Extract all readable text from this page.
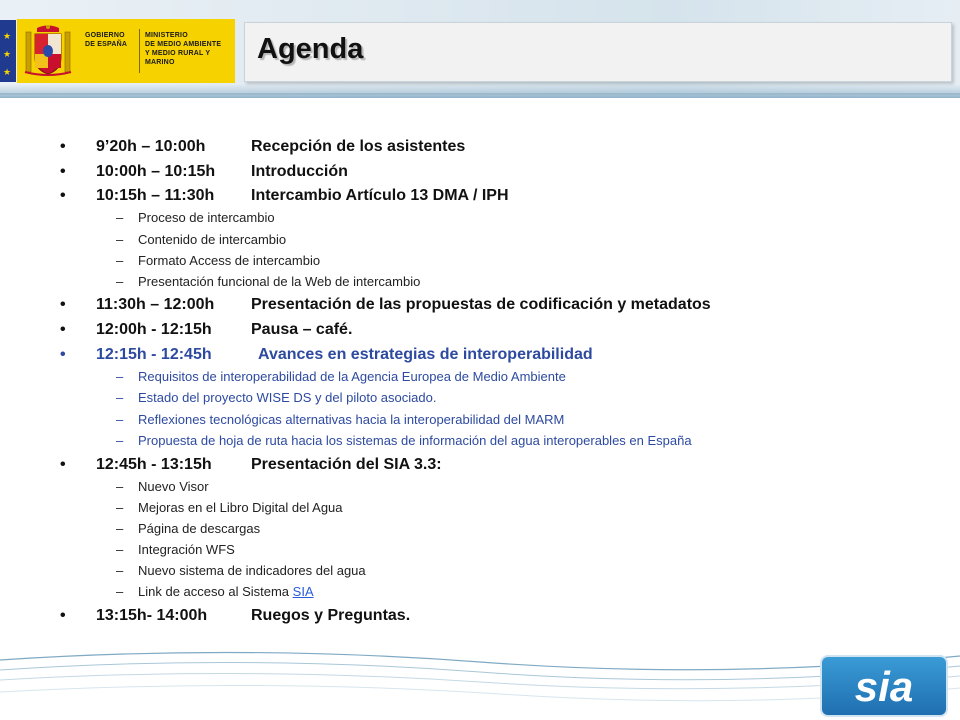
★
★
★
GOBIERNO
DE ESPAÑA
MINISTERIO
DE MEDIO AMBIENTE
Y MEDIO RURAL Y MARINO	Agenda
• 9’20h – 10:00h	Recepción de los asistentes
• 10:00h – 10:15h Introducción
• 10:15h – 11:30h Intercambio Artículo 13 DMA / IPH
– Proceso de intercambio
– Contenido de intercambio
– Formato Access de intercambio
– Presentación funcional de la Web de intercambio
• 11:30h – 12:00h Presentación de las propuestas de codificación y metadatos
• 12:00h - 12:15h Pausa – café.
• 12:15h - 12:45h	Avances en estrategias de interoperabilidad
– Requisitos de interoperabilidad de la Agencia Europea de Medio Ambiente
– Estado del proyecto WISE DS y del piloto asociado.
– Reflexiones tecnológicas alternativas hacia la interoperabilidad del MARM
– Propuesta de hoja de ruta hacia los sistemas de información del agua interoperables en España
• 12:45h - 13:15h Presentación del SIA 3.3:
– Nuevo Visor
– Mejoras en el Libro Digital del Agua
– Página de descargas
– Integración WFS
– Nuevo sistema de indicadores del agua
– Link de acceso al Sistema SIA
• 13:15h- 14:00h	Ruegos y Preguntas.
sia
